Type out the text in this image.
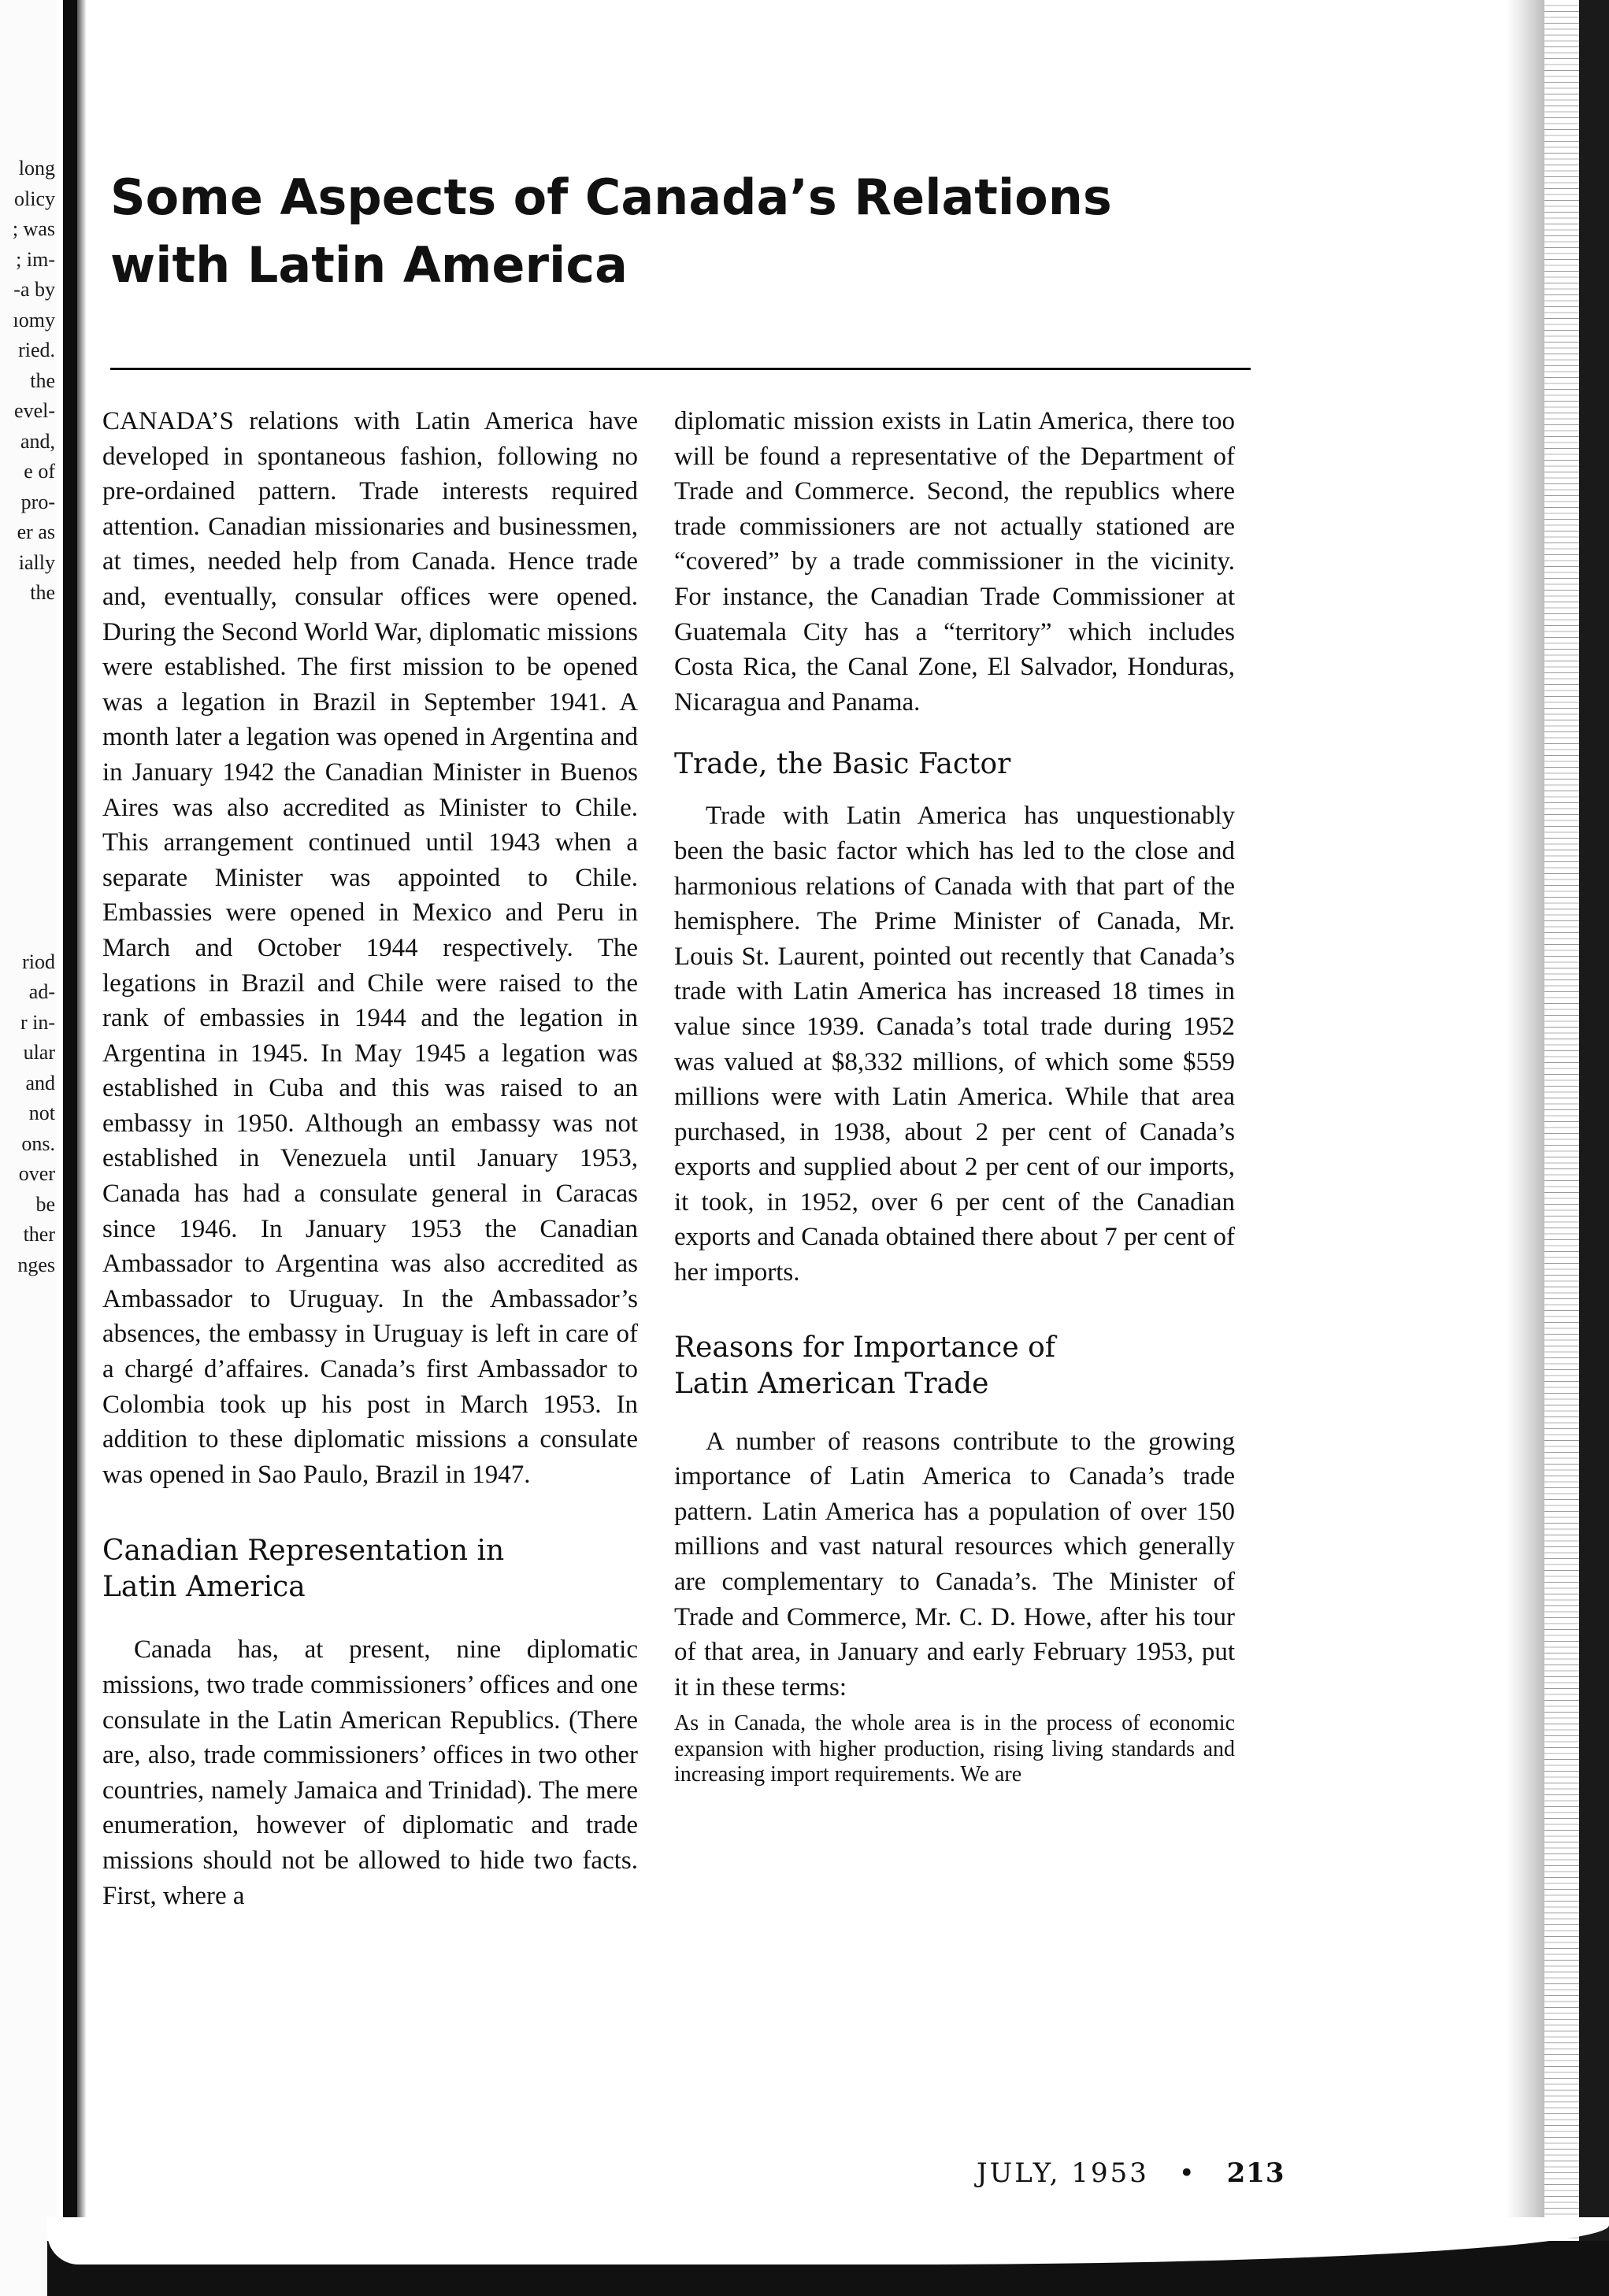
long
olicy
; was
; im-
-a by
ıomy
ried.
the
evel-
and,
e of
pro-
er as
ially
the
riod
ad-
r in-
ular
and
not
ons.
over
be
ther
nges
Some Aspects of Canada’s Relations
with Latin America

CANADA’S relations with Latin America have developed in spontaneous fashion, following no pre-ordained pattern. Trade interests required attention. Canadian missionaries and businessmen, at times, needed help from Canada. Hence trade and, eventually, consular offices were opened. During the Second World War, diplomatic missions were established. The first mission to be opened was a legation in Brazil in September 1941. A month later a legation was opened in Argentina and in January 1942 the Canadian Minister in Buenos Aires was also accredited as Minister to Chile. This arrangement continued until 1943 when a separate Minister was appointed to Chile. Embassies were opened in Mexico and Peru in March and October 1944 respectively. The legations in Brazil and Chile were raised to the rank of embassies in 1944 and the legation in Argentina in 1945. In May 1945 a legation was established in Cuba and this was raised to an embassy in 1950. Although an embassy was not established in Venezuela until January 1953, Canada has had a consulate general in Caracas since 1946. In January 1953 the Canadian Ambassador to Argentina was also accredited as Ambassador to Uruguay. In the Ambassador’s absences, the embassy in Uruguay is left in care of a chargé d’affaires. Canada’s first Ambassador to Colombia took up his post in March 1953. In addition to these diplomatic missions a consulate was opened in Sao Paulo, Brazil in 1947.

Canadian Representation in
Latin America

Canada has, at present, nine diplomatic missions, two trade commissioners’ offices and one consulate in the Latin American Republics. (There are, also, trade commissioners’ offices in two other countries, namely Jamaica and Trinidad). The mere enumeration, however of diplomatic and trade missions should not be allowed to hide two facts. First, where a

diplomatic mission exists in Latin America, there too will be found a representative of the Department of Trade and Commerce. Second, the republics where trade commissioners are not actually stationed are “covered” by a trade commissioner in the vicinity. For instance, the Canadian Trade Commissioner at Guatemala City has a “territory” which includes Costa Rica, the Canal Zone, El Salvador, Honduras, Nicaragua and Panama.

Trade, the Basic Factor

Trade with Latin America has unquestionably been the basic factor which has led to the close and harmonious relations of Canada with that part of the hemisphere. The Prime Minister of Canada, Mr. Louis St. Laurent, pointed out recently that Canada’s trade with Latin America has increased 18 times in value since 1939. Canada’s total trade during 1952 was valued at $8,332 millions, of which some $559 millions were with Latin America. While that area purchased, in 1938, about 2 per cent of Canada’s exports and supplied about 2 per cent of our imports, it took, in 1952, over 6 per cent of the Canadian exports and Canada obtained there about 7 per cent of her imports.

Reasons for Importance of
Latin American Trade

A number of reasons contribute to the growing importance of Latin America to Canada’s trade pattern. Latin America has a population of over 150 millions and vast natural resources which generally are complementary to Canada’s. The Minister of Trade and Commerce, Mr. C. D. Howe, after his tour of that area, in January and early February 1953, put it in these terms:

As in Canada, the whole area is in the process of economic expansion with higher production, rising living standards and increasing import requirements. We are

JULY, 1953 • 213
